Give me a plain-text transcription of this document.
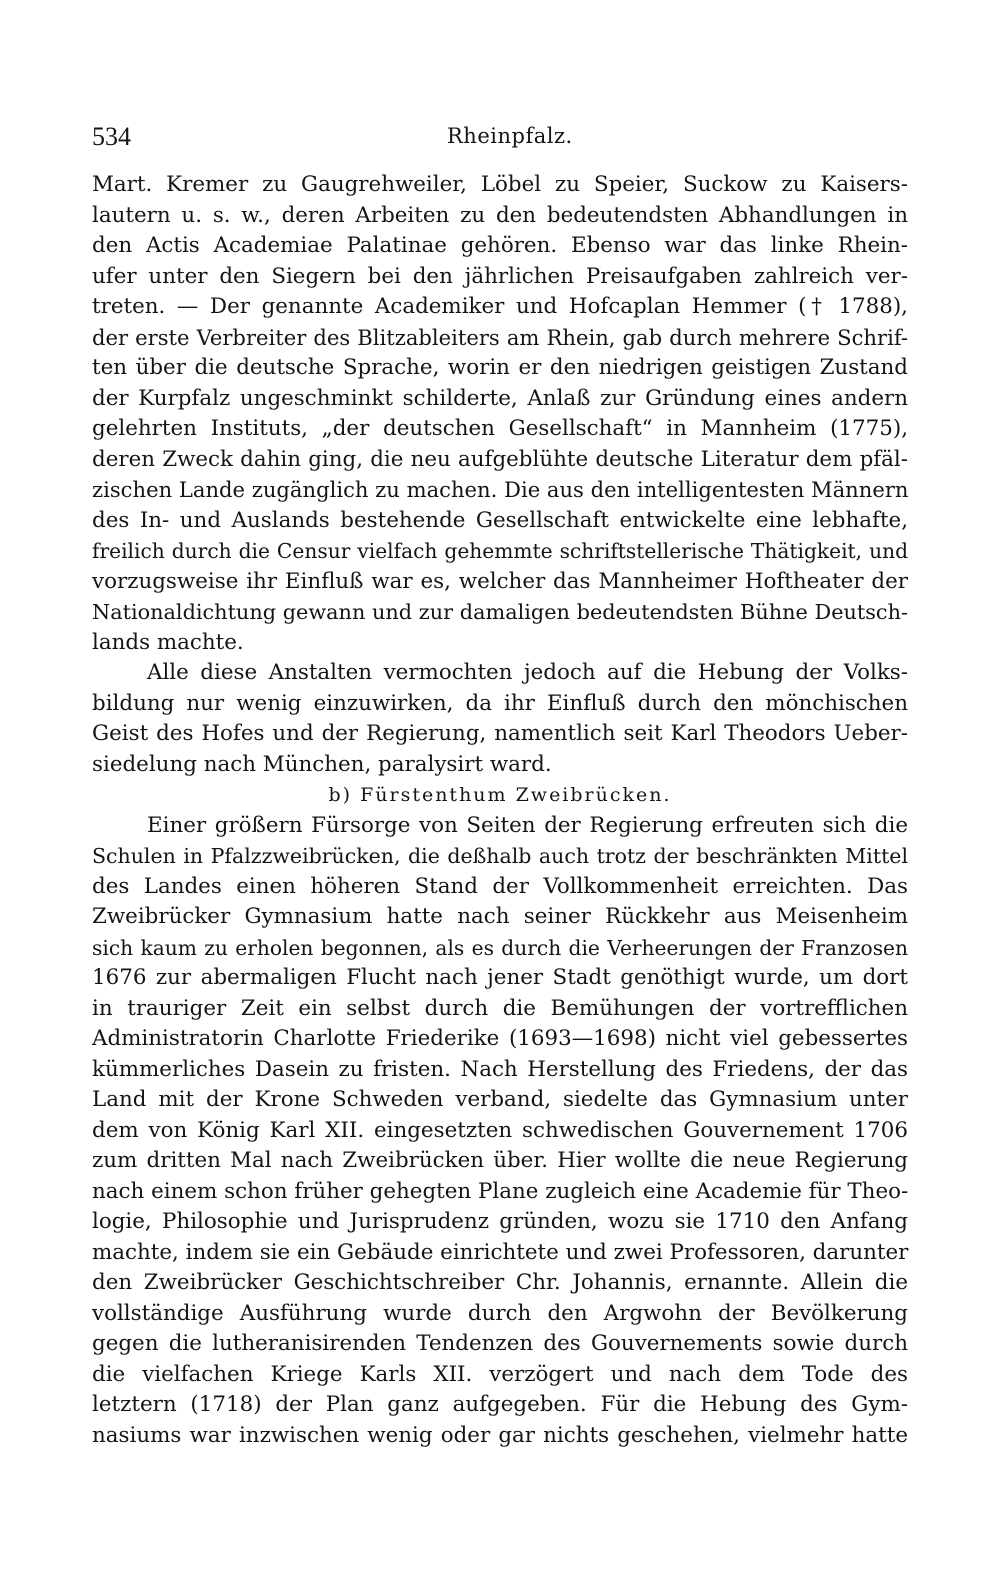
534	Rheinpfalz.
Mart. Kremer zu Gaugrehweiler, Löbel zu Speier, Suckow zu Kaisers-
lautern u. s. w., deren Arbeiten zu den bedeutendsten Abhandlungen in
den Actis Academiae Palatinae gehören. Ebenso war das linke Rhein-
ufer unter den Siegern bei den jährlichen Preisaufgaben zahlreich ver-
treten. — Der genannte Academiker und Hofcaplan Hemmer († 1788),
der erste Verbreiter des Blitzableiters am Rhein, gab durch mehrere Schrif-
ten über die deutsche Sprache, worin er den niedrigen geistigen Zustand
der Kurpfalz ungeschminkt schilderte, Anlaß zur Gründung eines andern
gelehrten Instituts, „der deutschen Gesellschaft“ in Mannheim (1775),
deren Zweck dahin ging, die neu aufgeblühte deutsche Literatur dem pfäl-
zischen Lande zugänglich zu machen. Die aus den intelligentesten Männern
des In- und Auslands bestehende Gesellschaft entwickelte eine lebhafte,
freilich durch die Censur vielfach gehemmte schriftstellerische Thätigkeit, und
vorzugsweise ihr Einfluß war es, welcher das Mannheimer Hoftheater der
Nationaldichtung gewann und zur damaligen bedeutendsten Bühne Deutsch-
lands machte.
Alle diese Anstalten vermochten jedoch auf die Hebung der Volks-
bildung nur wenig einzuwirken, da ihr Einfluß durch den mönchischen
Geist des Hofes und der Regierung, namentlich seit Karl Theodors Ueber-
siedelung nach München, paralysirt ward.
b) Fürstenthum Zweibrücken.
Einer größern Fürsorge von Seiten der Regierung erfreuten sich die
Schulen in Pfalzzweibrücken, die deßhalb auch trotz der beschränkten Mittel
des Landes einen höheren Stand der Vollkommenheit erreichten. Das
Zweibrücker Gymnasium hatte nach seiner Rückkehr aus Meisenheim
sich kaum zu erholen begonnen, als es durch die Verheerungen der Franzosen
1676 zur abermaligen Flucht nach jener Stadt genöthigt wurde, um dort
in trauriger Zeit ein selbst durch die Bemühungen der vortrefflichen
Administratorin Charlotte Friederike (1693—1698) nicht viel gebessertes
kümmerliches Dasein zu fristen. Nach Herstellung des Friedens, der das
Land mit der Krone Schweden verband, siedelte das Gymnasium unter
dem von König Karl XII. eingesetzten schwedischen Gouvernement 1706
zum dritten Mal nach Zweibrücken über. Hier wollte die neue Regierung
nach einem schon früher gehegten Plane zugleich eine Academie für Theo-
logie, Philosophie und Jurisprudenz gründen, wozu sie 1710 den Anfang
machte, indem sie ein Gebäude einrichtete und zwei Professoren, darunter
den Zweibrücker Geschichtschreiber Chr. Johannis, ernannte. Allein die
vollständige Ausführung wurde durch den Argwohn der Bevölkerung
gegen die lutheranisirenden Tendenzen des Gouvernements sowie durch
die vielfachen Kriege Karls XII. verzögert und nach dem Tode des
letztern (1718) der Plan ganz aufgegeben. Für die Hebung des Gym-
nasiums war inzwischen wenig oder gar nichts geschehen, vielmehr hatte
